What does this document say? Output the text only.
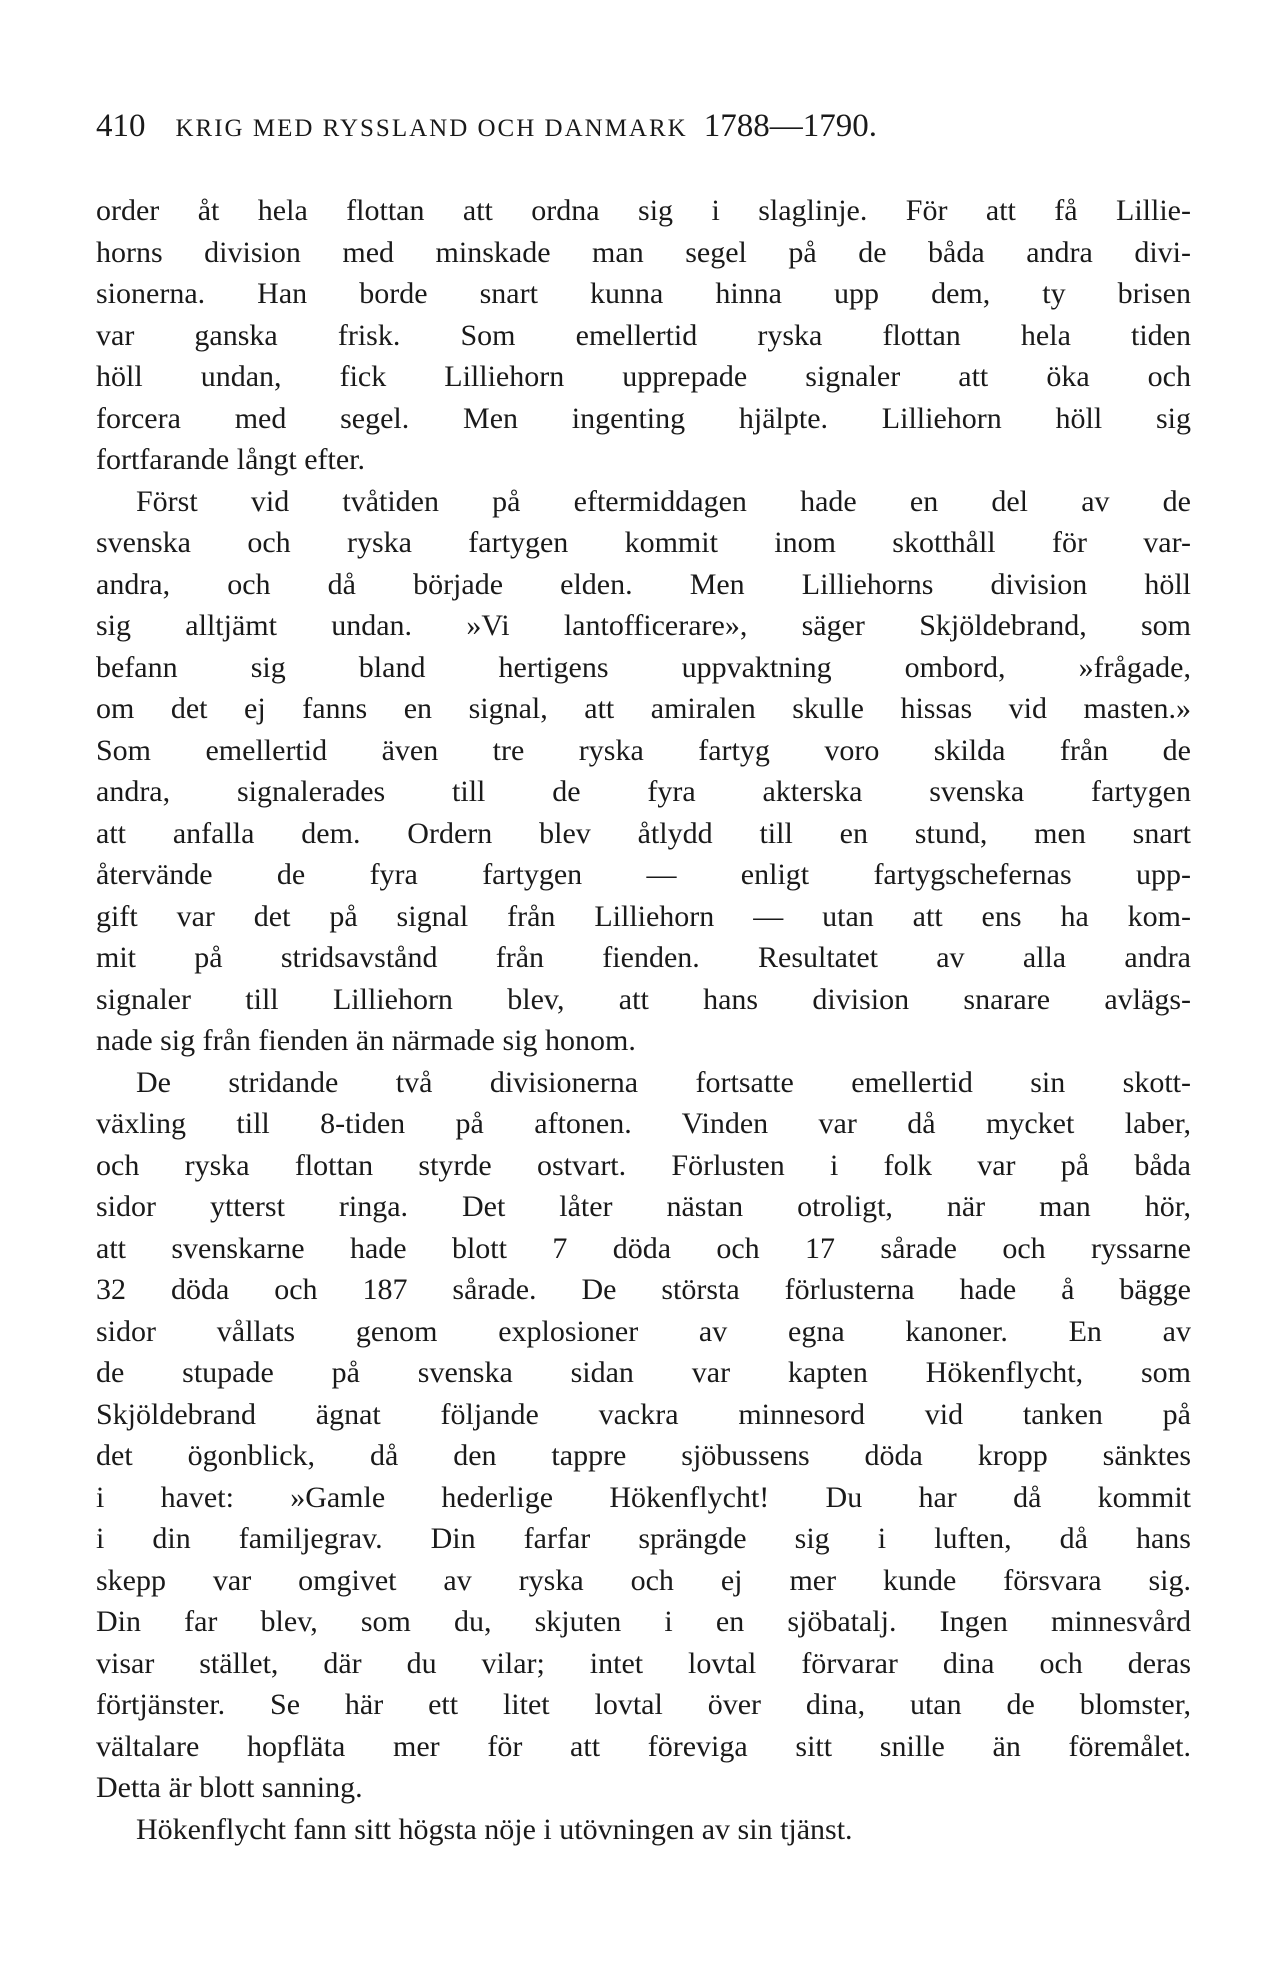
410 KRIG MED RYSSLAND OCH DANMARK 1788—1790.
order åt hela flottan att ordna sig i slaglinje. För att få Lillie-
horns division med minskade man segel på de båda andra divi-
sionerna. Han borde snart kunna hinna upp dem, ty brisen
var ganska frisk. Som emellertid ryska flottan hela tiden
höll undan, fick Lilliehorn upprepade signaler att öka och
forcera med segel. Men ingenting hjälpte. Lilliehorn höll sig
fortfarande långt efter.
Först vid tvåtiden på eftermiddagen hade en del av de
svenska och ryska fartygen kommit inom skotthåll för var-
andra, och då började elden. Men Lilliehorns division höll
sig alltjämt undan. »Vi lantofficerare», säger Skjöldebrand, som
befann sig bland hertigens uppvaktning ombord, »frågade,
om det ej fanns en signal, att amiralen skulle hissas vid masten.»
Som emellertid även tre ryska fartyg voro skilda från de
andra, signalerades till de fyra akterska svenska fartygen
att anfalla dem. Ordern blev åtlydd till en stund, men snart
återvände de fyra fartygen — enligt fartygschefernas upp-
gift var det på signal från Lilliehorn — utan att ens ha kom-
mit på stridsavstånd från fienden. Resultatet av alla andra
signaler till Lilliehorn blev, att hans division snarare avlägs-
nade sig från fienden än närmade sig honom.
De stridande två divisionerna fortsatte emellertid sin skott-
växling till 8-tiden på aftonen. Vinden var då mycket laber,
och ryska flottan styrde ostvart. Förlusten i folk var på båda
sidor ytterst ringa. Det låter nästan otroligt, när man hör,
att svenskarne hade blott 7 döda och 17 sårade och ryssarne
32 döda och 187 sårade. De största förlusterna hade å bägge
sidor vållats genom explosioner av egna kanoner. En av
de stupade på svenska sidan var kapten Hökenflycht, som
Skjöldebrand ägnat följande vackra minnesord vid tanken på
det ögonblick, då den tappre sjöbussens döda kropp sänktes
i havet: »Gamle hederlige Hökenflycht! Du har då kommit
i din familjegrav. Din farfar sprängde sig i luften, då hans
skepp var omgivet av ryska och ej mer kunde försvara sig.
Din far blev, som du, skjuten i en sjöbatalj. Ingen minnesvård
visar stället, där du vilar; intet lovtal förvarar dina och deras
förtjänster. Se här ett litet lovtal över dina, utan de blomster,
vältalare hopflätа mer för att föreviga sitt snille än föremålet.
Detta är blott sanning.
Hökenflycht fann sitt högsta nöje i utövningen av sin tjänst.
